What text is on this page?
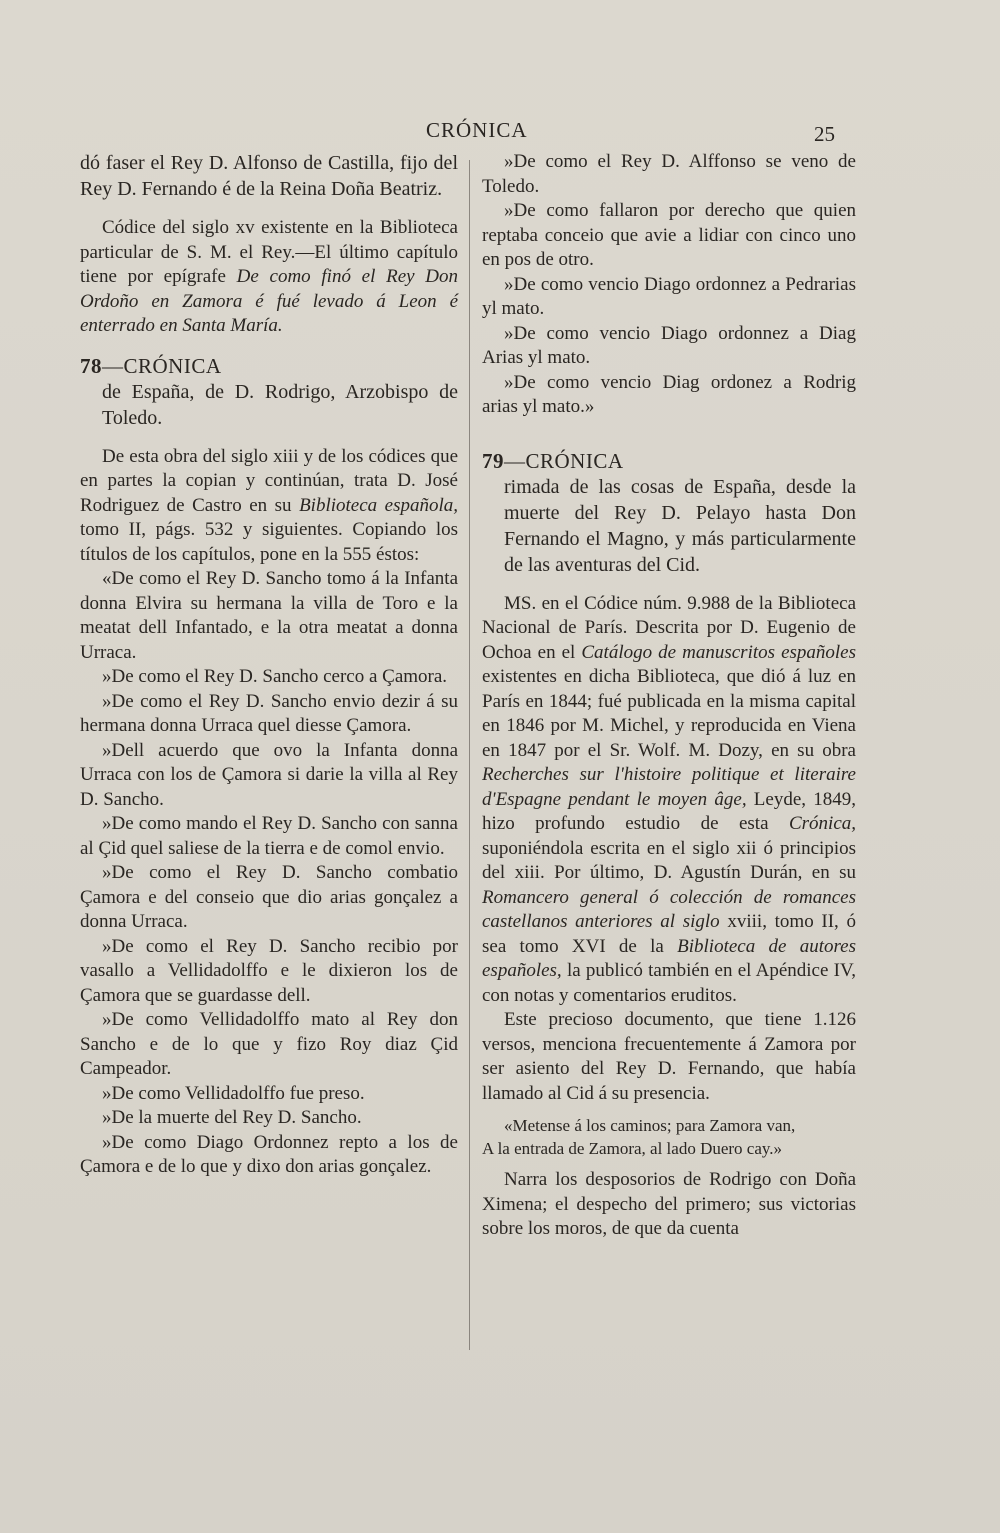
CRÓNICA	25

dó faser el Rey D. Alfonso de Castilla, fijo del Rey D. Fernando é de la Reina Doña Beatriz.

Códice del siglo xv existente en la Biblioteca particular de S. M. el Rey.—El último capítulo tiene por epígrafe De como finó el Rey Don Ordoño en Zamora é fué levado á Leon é enterrado en Santa María.

78—CRÓNICA

de España, de D. Rodrigo, Arzobispo de Toledo.

De esta obra del siglo xiii y de los códices que en partes la copian y continúan, trata D. José Rodriguez de Castro en su Biblioteca española, tomo II, págs. 532 y siguientes. Copiando los títulos de los capítulos, pone en la 555 éstos:

«De como el Rey D. Sancho tomo á la Infanta donna Elvira su hermana la villa de Toro e la meatat dell Infantado, e la otra meatat a donna Urraca.

»De como el Rey D. Sancho cerco a Çamora.

»De como el Rey D. Sancho envio dezir á su hermana donna Urraca quel diesse Çamora.

»Dell acuerdo que ovo la Infanta donna Urraca con los de Çamora si darie la villa al Rey D. Sancho.

»De como mando el Rey D. Sancho con sanna al Çid quel saliese de la tierra e de comol envio.

»De como el Rey D. Sancho combatio Çamora e del conseio que dio arias gonçalez a donna Urraca.

»De como el Rey D. Sancho recibio por vasallo a Vellidadolffo e le dixieron los de Çamora que se guardasse dell.

»De como Vellidadolffo mato al Rey don Sancho e de lo que y fizo Roy diaz Çid Campeador.

»De como Vellidadolffo fue preso.

»De la muerte del Rey D. Sancho.

»De como Diago Ordonnez repto a los de Çamora e de lo que y dixo don arias gonçalez.

»De como el Rey D. Alffonso se veno de Toledo.

»De como fallaron por derecho que quien reptaba conceio que avie a lidiar con cinco uno en pos de otro.

»De como vencio Diago ordonnez a Pedrarias yl mato.

»De como vencio Diago ordonnez a Diag Arias yl mato.

»De como vencio Diag ordonez a Rodrig arias yl mato.»

79—CRÓNICA

rimada de las cosas de España, desde la muerte del Rey D. Pelayo hasta Don Fernando el Magno, y más particularmente de las aventuras del Cid.

MS. en el Códice núm. 9.988 de la Biblioteca Nacional de París. Descrita por D. Eugenio de Ochoa en el Catálogo de manuscritos españoles existentes en dicha Biblioteca, que dió á luz en París en 1844; fué publicada en la misma capital en 1846 por M. Michel, y reproducida en Viena en 1847 por el Sr. Wolf. M. Dozy, en su obra Recherches sur l'histoire politique et literaire d'Espagne pendant le moyen âge, Leyde, 1849, hizo profundo estudio de esta Crónica, suponiéndola escrita en el siglo xii ó principios del xiii. Por último, D. Agustín Durán, en su Romancero general ó colección de romances castellanos anteriores al siglo xviii, tomo II, ó sea tomo XVI de la Biblioteca de autores españoles, la publicó también en el Apéndice IV, con notas y comentarios eruditos.

Este precioso documento, que tiene 1.126 versos, menciona frecuentemente á Zamora por ser asiento del Rey D. Fernando, que había llamado al Cid á su presencia.

«Metense á los caminos; para Zamora van,

A la entrada de Zamora, al lado Duero cay.»

Narra los desposorios de Rodrigo con Doña Ximena; el despecho del primero; sus victorias sobre los moros, de que da cuenta
